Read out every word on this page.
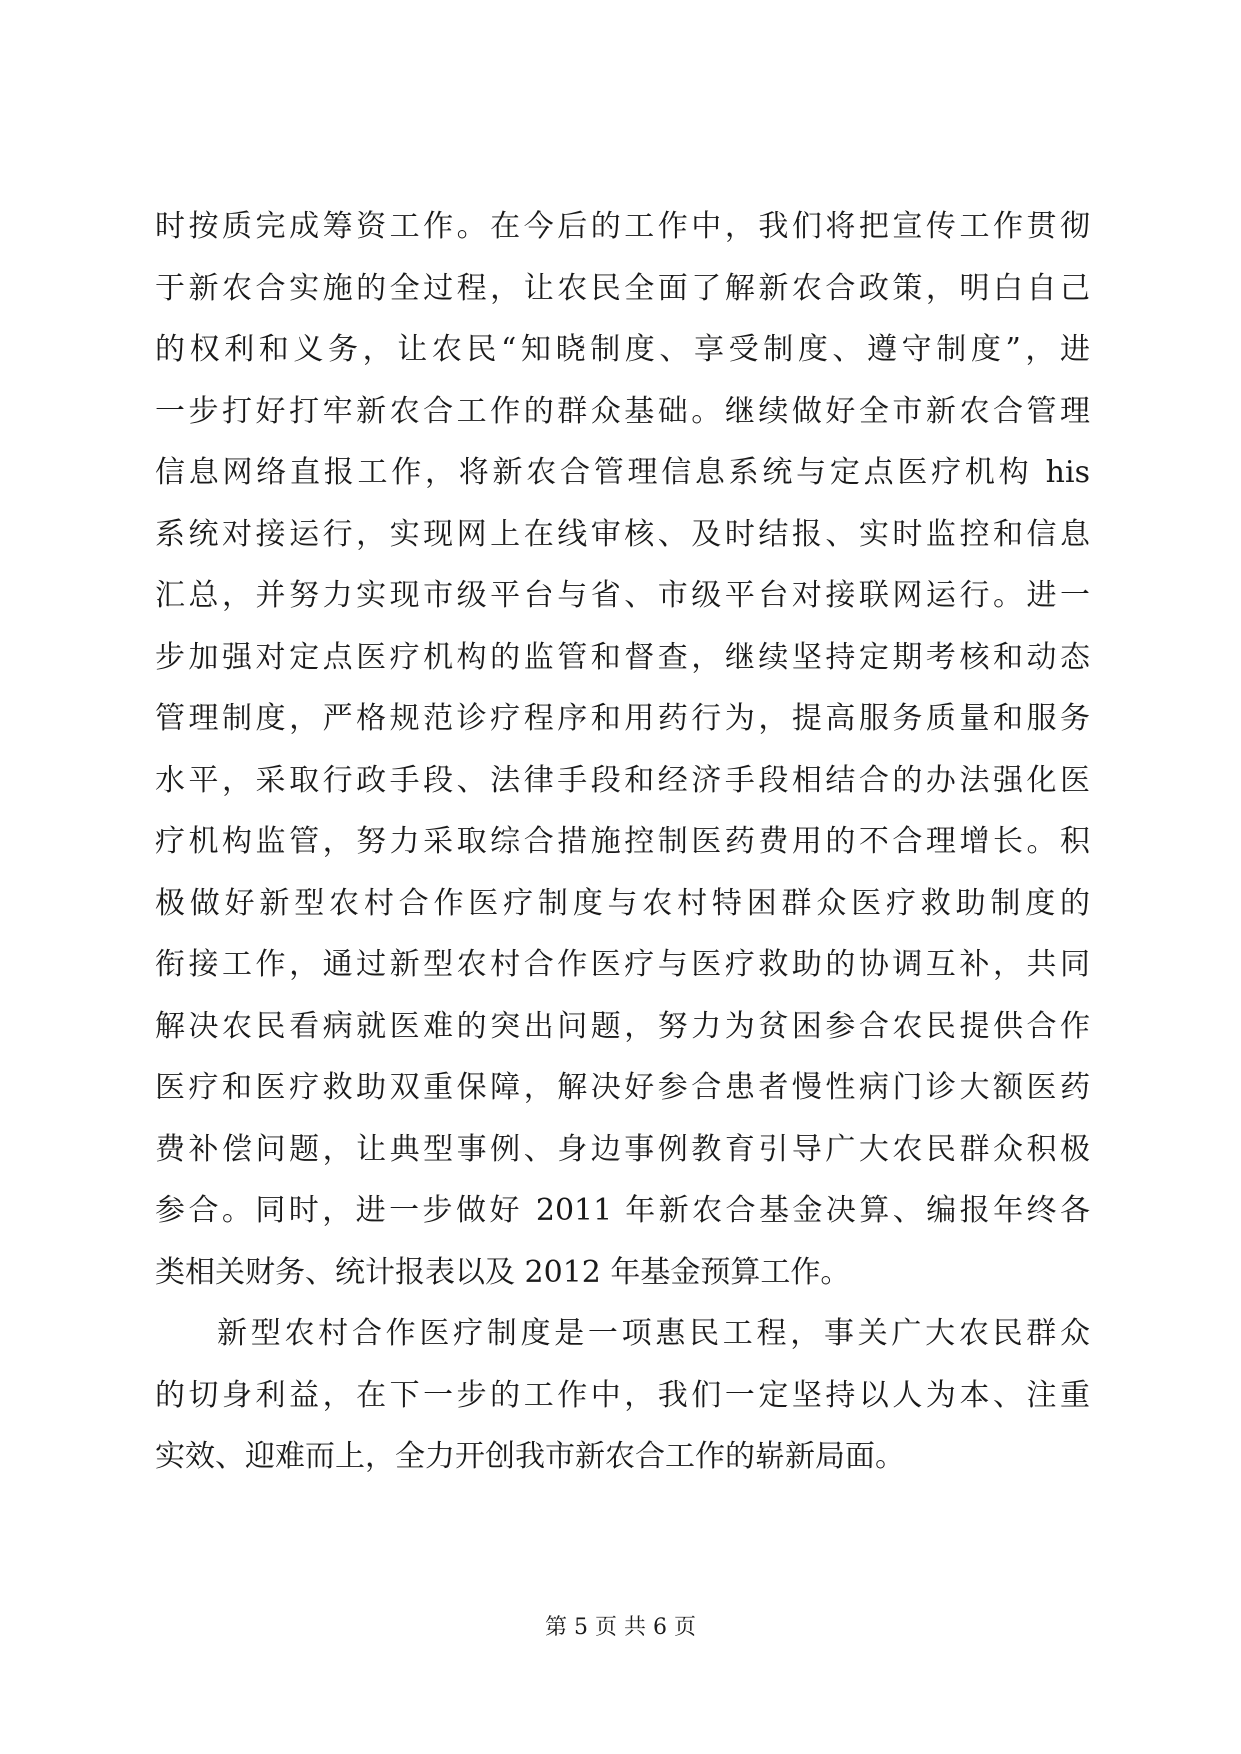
时按质完成筹资工作。在今后的工作中，我们将把宣传工作贯彻
于新农合实施的全过程，让农民全面了解新农合政策，明白自己
的权利和义务，让农民“知晓制度、享受制度、遵守制度”，进
一步打好打牢新农合工作的群众基础。继续做好全市新农合管理
信息网络直报工作，将新农合管理信息系统与定点医疗机构 his
系统对接运行，实现网上在线审核、及时结报、实时监控和信息
汇总，并努力实现市级平台与省、市级平台对接联网运行。进一
步加强对定点医疗机构的监管和督查，继续坚持定期考核和动态
管理制度，严格规范诊疗程序和用药行为，提高服务质量和服务
水平，采取行政手段、法律手段和经济手段相结合的办法强化医
疗机构监管，努力采取综合措施控制医药费用的不合理增长。积
极做好新型农村合作医疗制度与农村特困群众医疗救助制度的
衔接工作，通过新型农村合作医疗与医疗救助的协调互补，共同
解决农民看病就医难的突出问题，努力为贫困参合农民提供合作
医疗和医疗救助双重保障，解决好参合患者慢性病门诊大额医药
费补偿问题，让典型事例、身边事例教育引导广大农民群众积极
参合。同时，进一步做好 2011 年新农合基金决算、编报年终各
类相关财务、统计报表以及 2012 年基金预算工作。
新型农村合作医疗制度是一项惠民工程，事关广大农民群众
的切身利益，在下一步的工作中，我们一定坚持以人为本、注重
实效、迎难而上，全力开创我市新农合工作的崭新局面。
第 5 页 共 6 页
